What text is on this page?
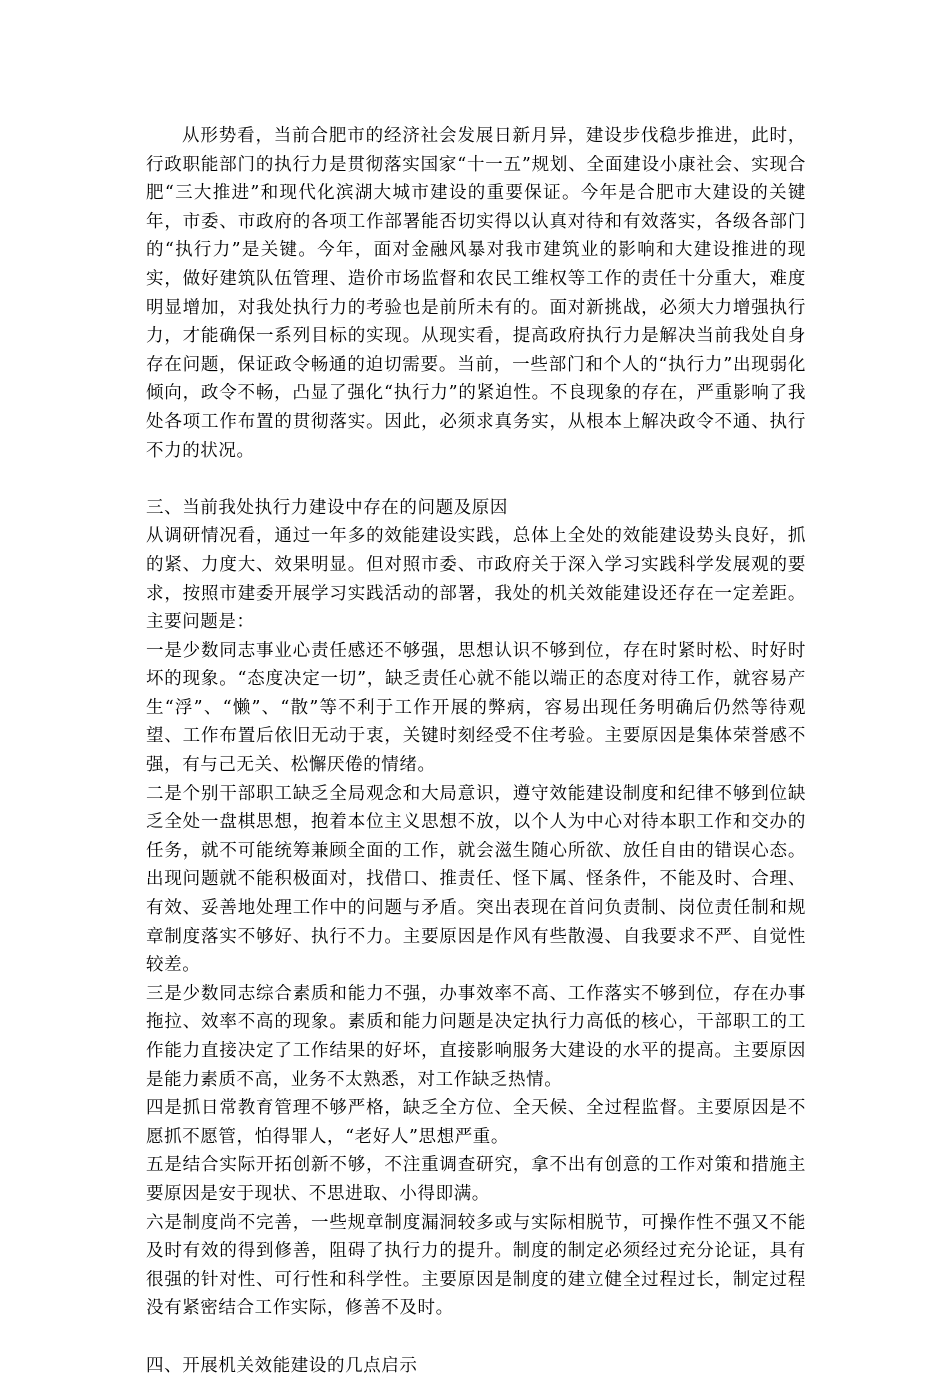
从形势看，当前合肥市的经济社会发展日新月异，建设步伐稳步推进，此时，行政职能部门的执行力是贯彻落实国家“十一五”规划、全面建设小康社会、实现合肥“三大推进”和现代化滨湖大城市建设的重要保证。今年是合肥市大建设的关键年，市委、市政府的各项工作部署能否切实得以认真对待和有效落实，各级各部门的“执行力”是关键。今年，面对金融风暴对我市建筑业的影响和大建设推进的现实，做好建筑队伍管理、造价市场监督和农民工维权等工作的责任十分重大，难度明显增加，对我处执行力的考验也是前所未有的。面对新挑战，必须大力增强执行力，才能确保一系列目标的实现。从现实看，提高政府执行力是解决当前我处自身存在问题，保证政令畅通的迫切需要。当前，一些部门和个人的“执行力”出现弱化倾向，政令不畅，凸显了强化“执行力”的紧迫性。不良现象的存在，严重影响了我处各项工作布置的贯彻落实。因此，必须求真务实，从根本上解决政令不通、执行不力的状况。

三、当前我处执行力建设中存在的问题及原因

从调研情况看，通过一年多的效能建设实践，总体上全处的效能建设势头良好，抓的紧、力度大、效果明显。但对照市委、市政府关于深入学习实践科学发展观的要求，按照市建委开展学习实践活动的部署，我处的机关效能建设还存在一定差距。主要问题是：

一是少数同志事业心责任感还不够强，思想认识不够到位，存在时紧时松、时好时坏的现象。“态度决定一切”，缺乏责任心就不能以端正的态度对待工作，就容易产生“浮”、“懒”、“散”等不利于工作开展的弊病，容易出现任务明确后仍然等待观望、工作布置后依旧无动于衷，关键时刻经受不住考验。主要原因是集体荣誉感不强，有与己无关、松懈厌倦的情绪。

二是个别干部职工缺乏全局观念和大局意识，遵守效能建设制度和纪律不够到位缺乏全处一盘棋思想，抱着本位主义思想不放，以个人为中心对待本职工作和交办的任务，就不可能统筹兼顾全面的工作，就会滋生随心所欲、放任自由的错误心态。出现问题就不能积极面对，找借口、推责任、怪下属、怪条件，不能及时、合理、有效、妥善地处理工作中的问题与矛盾。突出表现在首问负责制、岗位责任制和规章制度落实不够好、执行不力。主要原因是作风有些散漫、自我要求不严、自觉性较差。

三是少数同志综合素质和能力不强，办事效率不高、工作落实不够到位，存在办事拖拉、效率不高的现象。素质和能力问题是决定执行力高低的核心，干部职工的工作能力直接决定了工作结果的好坏，直接影响服务大建设的水平的提高。主要原因是能力素质不高，业务不太熟悉，对工作缺乏热情。

四是抓日常教育管理不够严格，缺乏全方位、全天候、全过程监督。主要原因是不愿抓不愿管，怕得罪人，“老好人”思想严重。

五是结合实际开拓创新不够，不注重调查研究，拿不出有创意的工作对策和措施主要原因是安于现状、不思进取、小得即满。

六是制度尚不完善，一些规章制度漏洞较多或与实际相脱节，可操作性不强又不能及时有效的得到修善，阻碍了执行力的提升。制度的制定必须经过充分论证，具有很强的针对性、可行性和科学性。主要原因是制度的建立健全过程过长，制定过程没有紧密结合工作实际，修善不及时。

四、开展机关效能建设的几点启示
